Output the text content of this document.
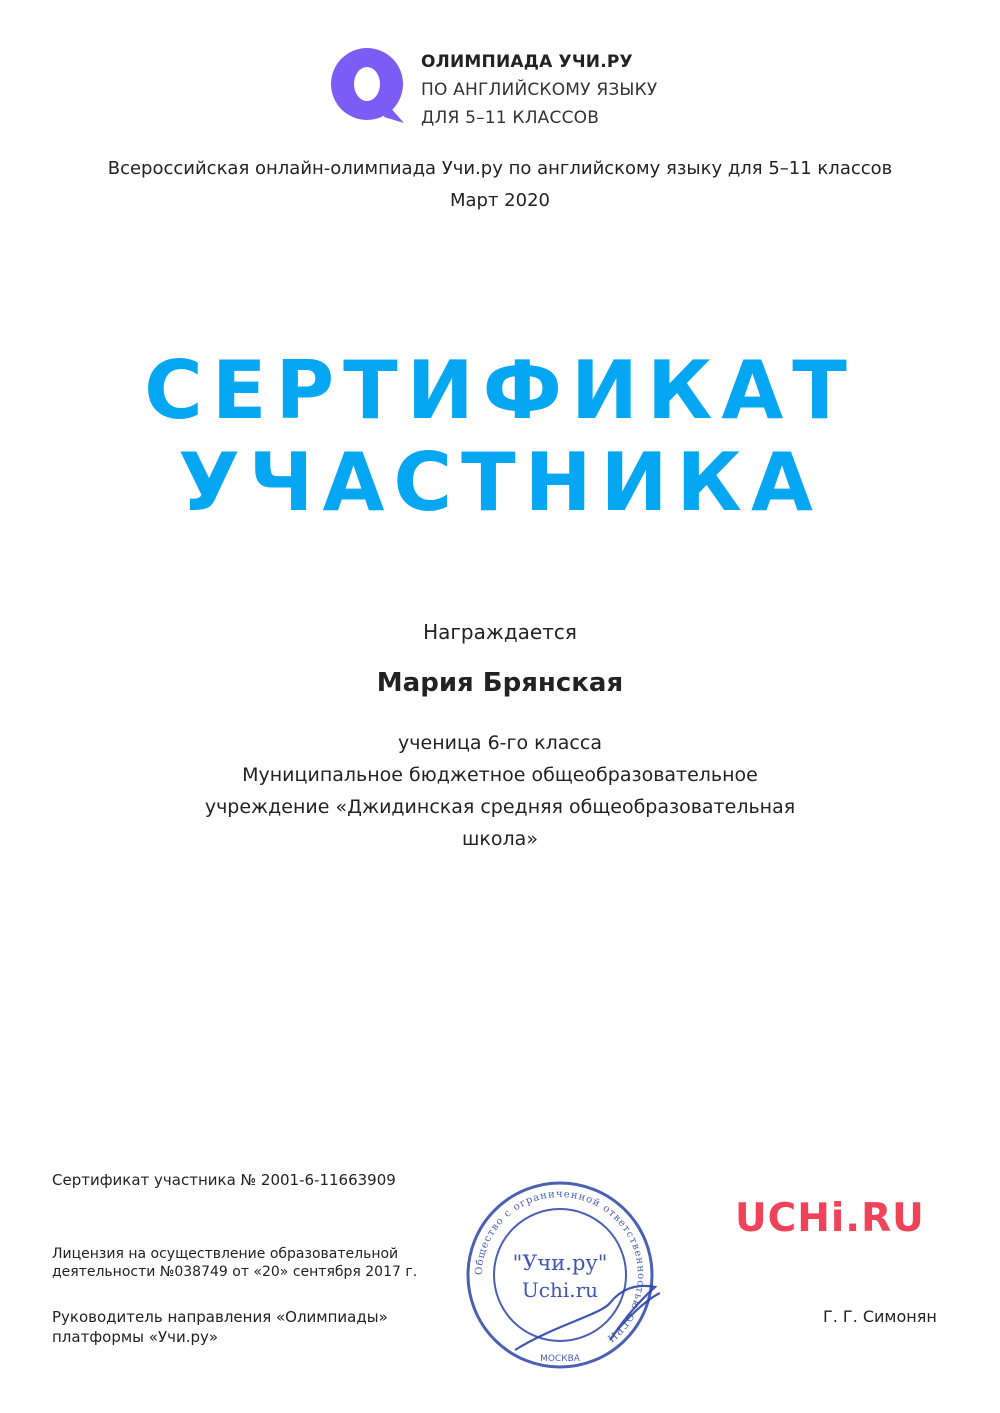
ОЛИМПИАДА УЧИ.РУ
ПО АНГЛИЙСКОМУ ЯЗЫКУ
ДЛЯ 5–11 КЛАССОВ
Всероссийская онлайн-олимпиада Учи.ру по английскому языку для 5–11 классов
Март 2020
СЕРТИФИКАТ
УЧАСТНИКА
Награждается
Мария Брянская
ученица 6-го класса
Муниципальное бюджетное общеобразовательное
учреждение «Джидинская средняя общеобразовательная
школа»
Сертификат участника № 2001-6-11663909
Лицензия на осуществление образовательной
деятельности №038749 от «20» сентября 2017 г.
Руководитель направления «Олимпиады»
платформы «Учи.ру»
Общество с ограниченной ответственностью ОГРН
МОСКВА
"Учи.ру"
Uchi.ru
UCHi.RU
Г. Г. Симонян
